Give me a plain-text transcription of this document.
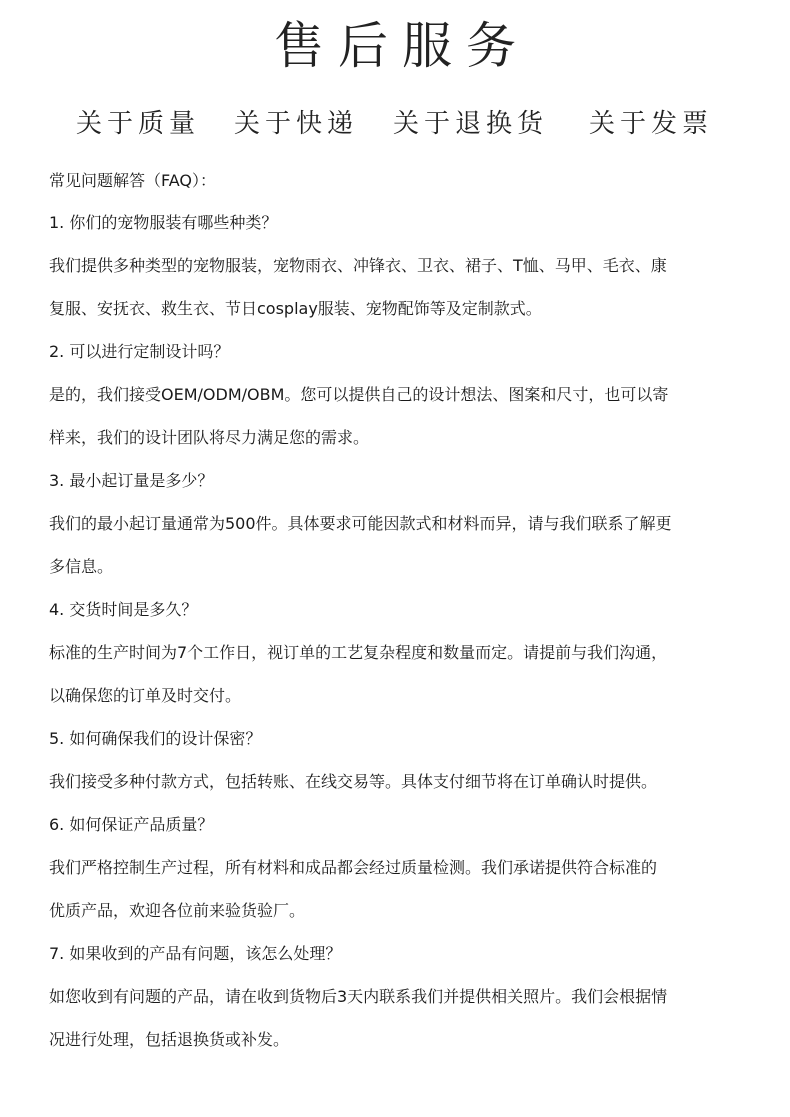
售后服务
关于质量 关于快递 关于退换货 关于发票
常见问题解答（FAQ）：
1. 你们的宠物服装有哪些种类？
我们提供多种类型的宠物服装，宠物雨衣、冲锋衣、卫衣、裙子、T恤、马甲、毛衣、康
复服、安抚衣、救生衣、节日cosplay服装、宠物配饰等及定制款式。
2. 可以进行定制设计吗？
是的，我们接受OEM/ODM/OBM。您可以提供自己的设计想法、图案和尺寸，也可以寄
样来，我们的设计团队将尽力满足您的需求。
3. 最小起订量是多少？
我们的最小起订量通常为500件。具体要求可能因款式和材料而异，请与我们联系了解更
多信息。
4. 交货时间是多久？
标准的生产时间为7个工作日，视订单的工艺复杂程度和数量而定。请提前与我们沟通，
以确保您的订单及时交付。
5. 如何确保我们的设计保密？
我们接受多种付款方式，包括转账、在线交易等。具体支付细节将在订单确认时提供。
6. 如何保证产品质量？
我们严格控制生产过程，所有材料和成品都会经过质量检测。我们承诺提供符合标准的
优质产品，欢迎各位前来验货验厂。
7. 如果收到的产品有问题，该怎么处理？
如您收到有问题的产品，请在收到货物后3天内联系我们并提供相关照片。我们会根据情
况进行处理，包括退换货或补发。
